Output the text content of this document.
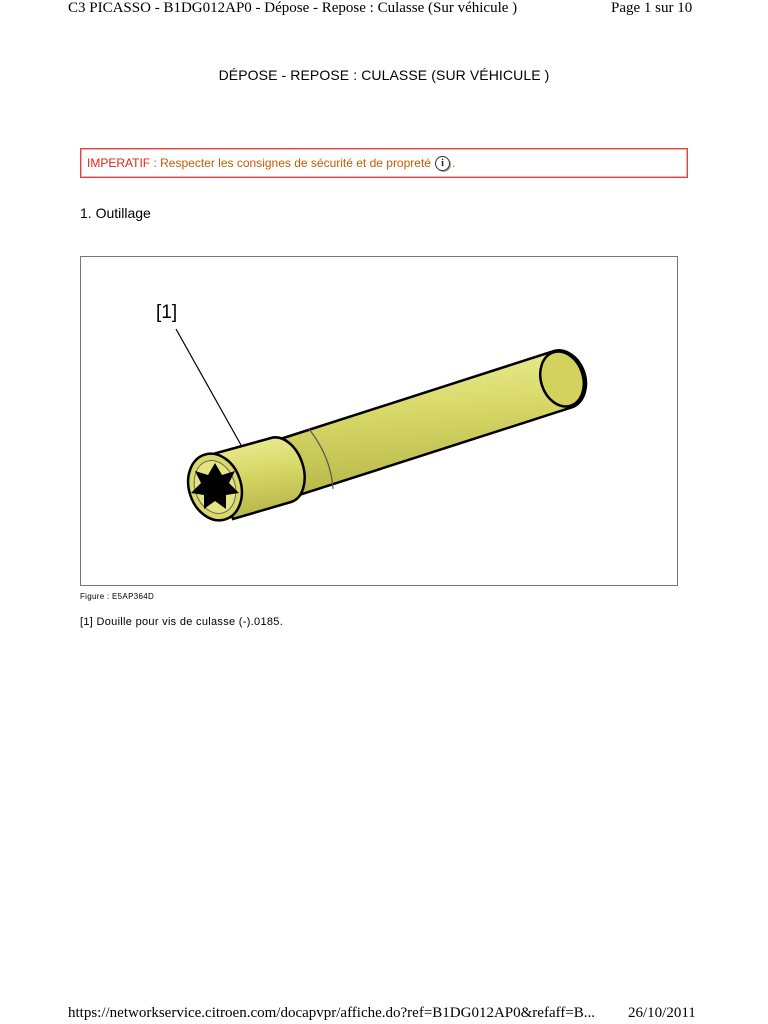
C3 PICASSO - B1DG012AP0 - Dépose - Repose : Culasse (Sur véhicule )	Page 1 sur 10
DÉPOSE - REPOSE : CULASSE (SUR VÉHICULE )
IMPERATIF : Respecter les consignes de sécurité et de propreté i .
1. Outillage
[1]
Figure : E5AP364D
[1] Douille pour vis de culasse (-).0185.
https://networkservice.citroen.com/docapvpr/affiche.do?ref=B1DG012AP0&refaff=B... 26/10/2011
